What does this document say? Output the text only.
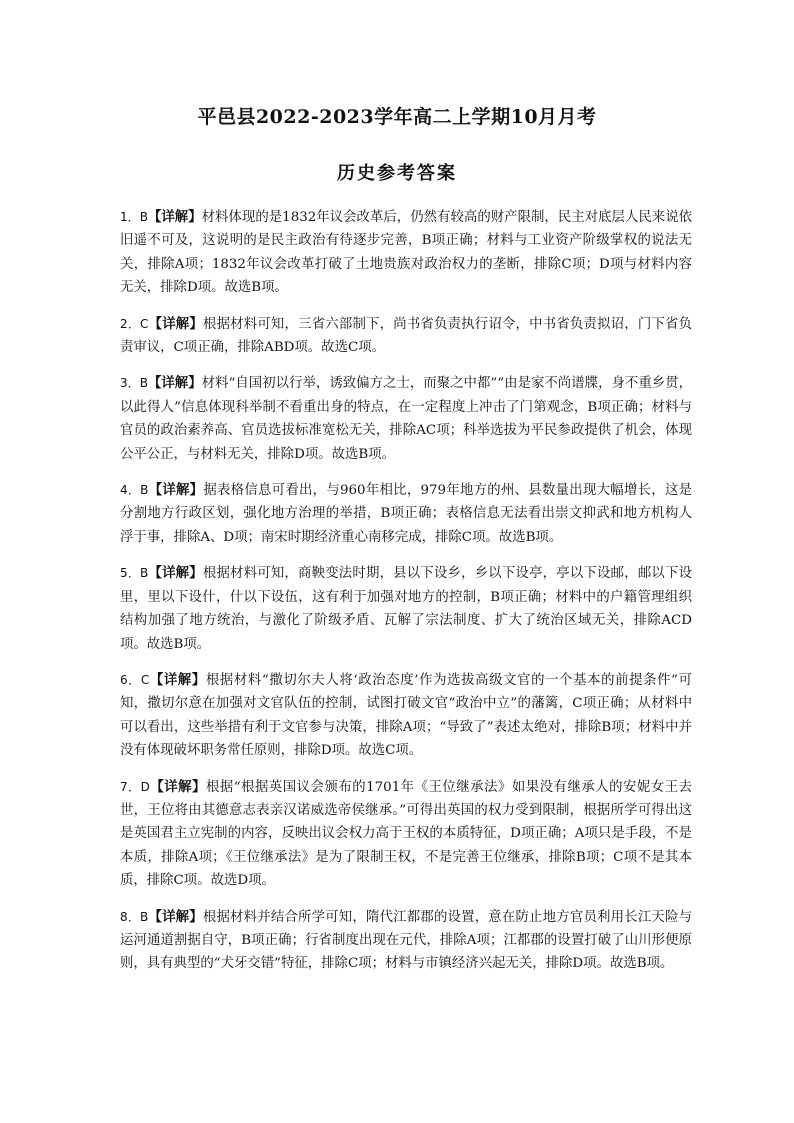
平邑县2022-2023学年高二上学期10月月考
历史参考答案
1．B【详解】材料体现的是1832年议会改革后，仍然有较高的财产限制，民主对底层人民来说依旧遥不可及，这说明的是民主政治有待逐步完善，B项正确；材料与工业资产阶级掌权的说法无关，排除A项；1832年议会改革打破了土地贵族对政治权力的垄断，排除C项；D项与材料内容无关，排除D项。故选B项。
2．C【详解】根据材料可知，三省六部制下，尚书省负责执行诏令，中书省负责拟诏，门下省负责审议，C项正确，排除ABD项。故选C项。
3．B【详解】材料“自国初以行举，诱致偏方之士，而聚之中都”“由是家不尚谱牒，身不重乡贯，以此得人”信息体现科举制不看重出身的特点，在一定程度上冲击了门第观念，B项正确；材料与官员的政治素养高、官员选拔标准宽松无关，排除AC项；科举选拔为平民参政提供了机会，体现公平公正，与材料无关，排除D项。故选B项。
4．B【详解】据表格信息可看出，与960年相比，979年地方的州、县数量出现大幅增长，这是分割地方行政区划，强化地方治理的举措，B项正确；表格信息无法看出崇文抑武和地方机构人浮于事，排除A、D项；南宋时期经济重心南移完成，排除C项。故选B项。
5．B【详解】根据材料可知，商鞅变法时期，县以下设乡，乡以下设亭，亭以下设邮，邮以下设里，里以下设什，什以下设伍，这有利于加强对地方的控制，B项正确；材料中的户籍管理组织结构加强了地方统治，与激化了阶级矛盾、瓦解了宗法制度、扩大了统治区域无关，排除ACD项。故选B项。
6．C【详解】根据材料“撒切尔夫人将‘政治态度’作为选拔高级文官的一个基本的前提条件”可知，撒切尔意在加强对文官队伍的控制，试图打破文官“政治中立”的藩篱，C项正确；从材料中可以看出，这些举措有利于文官参与决策，排除A项；“导致了”表述太绝对，排除B项；材料中并没有体现破坏职务常任原则，排除D项。故选C项。
7．D【详解】根据“根据英国议会颁布的1701年《王位继承法》如果没有继承人的安妮女王去世，王位将由其德意志表亲汉诺威选帝侯继承。”可得出英国的权力受到限制，根据所学可得出这是英国君主立宪制的内容，反映出议会权力高于王权的本质特征，D项正确；A项只是手段，不是本质，排除A项；《王位继承法》是为了限制王权，不是完善王位继承，排除B项；C项不是其本质，排除C项。故选D项。
8．B【详解】根据材料并结合所学可知，隋代江都郡的设置，意在防止地方官员利用长江天险与运河通道割据自守，B项正确；行省制度出现在元代，排除A项；江都郡的设置打破了山川形便原则，具有典型的“犬牙交错”特征，排除C项；材料与市镇经济兴起无关，排除D项。故选B项。
